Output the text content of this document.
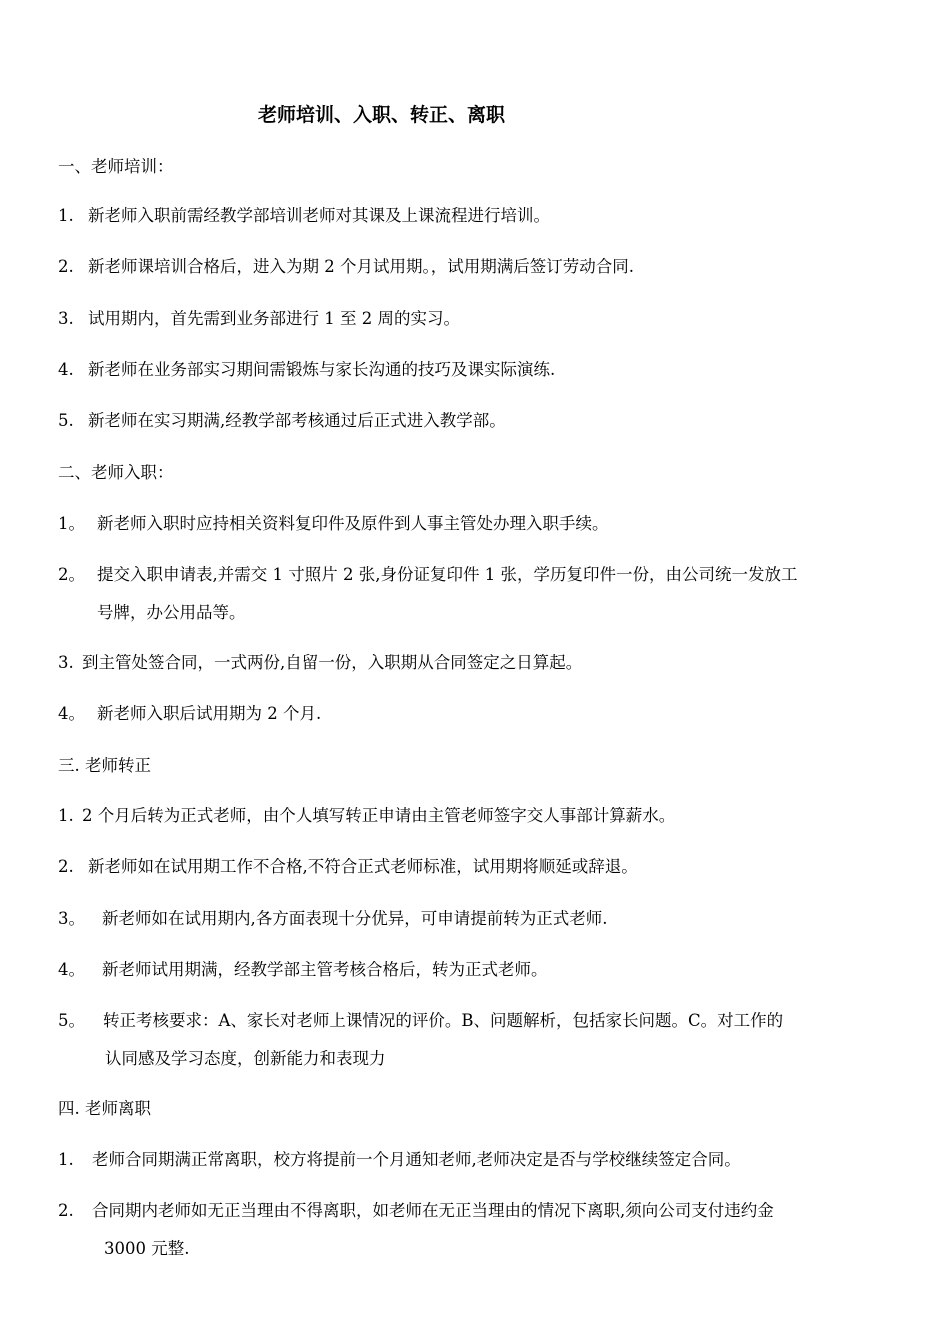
老师培训、入职、转正、离职
一、老师培训：
1. 新老师入职前需经教学部培训老师对其课及上课流程进行培训。
2. 新老师课培训合格后，进入为期 2 个月试用期。，试用期满后签订劳动合同.
3. 试用期内，首先需到业务部进行 1 至 2 周的实习。
4. 新老师在业务部实习期间需锻炼与家长沟通的技巧及课实际演练.
5. 新老师在实习期满,经教学部考核通过后正式进入教学部。
二、老师入职：
1。 新老师入职时应持相关资料复印件及原件到人事主管处办理入职手续。
2。 提交入职申请表,并需交 1 寸照片 2 张,身份证复印件 1 张，学历复印件一份，由公司统一发放工
号牌，办公用品等。
3. 到主管处签合同，一式两份,自留一份，入职期从合同签定之日算起。
4。 新老师入职后试用期为 2 个月.
三. 老师转正
1. 2 个月后转为正式老师，由个人填写转正申请由主管老师签字交人事部计算薪水。
2. 新老师如在试用期工作不合格,不符合正式老师标准，试用期将顺延或辞退。
3。 新老师如在试用期内,各方面表现十分优异，可申请提前转为正式老师.
4。 新老师试用期满，经教学部主管考核合格后，转为正式老师。
5。 转正考核要求：A、家长对老师上课情况的评价。B、问题解析，包括家长问题。C。对工作的
认同感及学习态度，创新能力和表现力
四. 老师离职
1. 老师合同期满正常离职，校方将提前一个月通知老师,老师决定是否与学校继续签定合同。
2. 合同期内老师如无正当理由不得离职，如老师在无正当理由的情况下离职,须向公司支付违约金
3000 元整.
